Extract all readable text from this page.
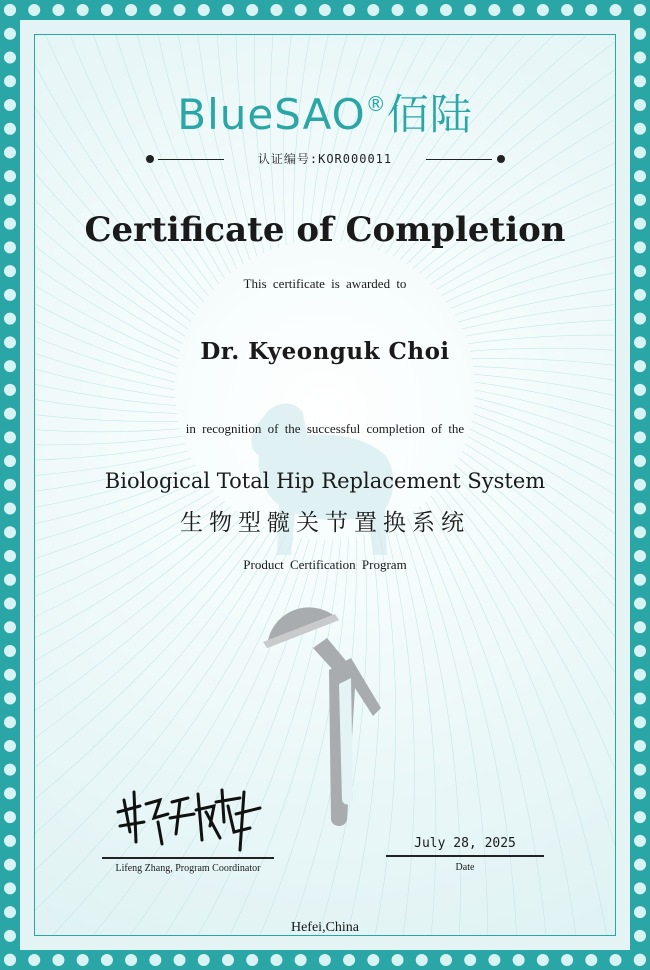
BlueSAO®佰陆
认证编号:KOR000011
Certificate of Completion
This certificate is awarded to
Dr. Kyeonguk Choi
in recognition of the successful completion of the
Biological Total Hip Replacement System
生物型髋关节置换系统
Product Certification Program
Lifeng Zhang, Program Coordinator
July 28, 2025
Date
Hefei,China
